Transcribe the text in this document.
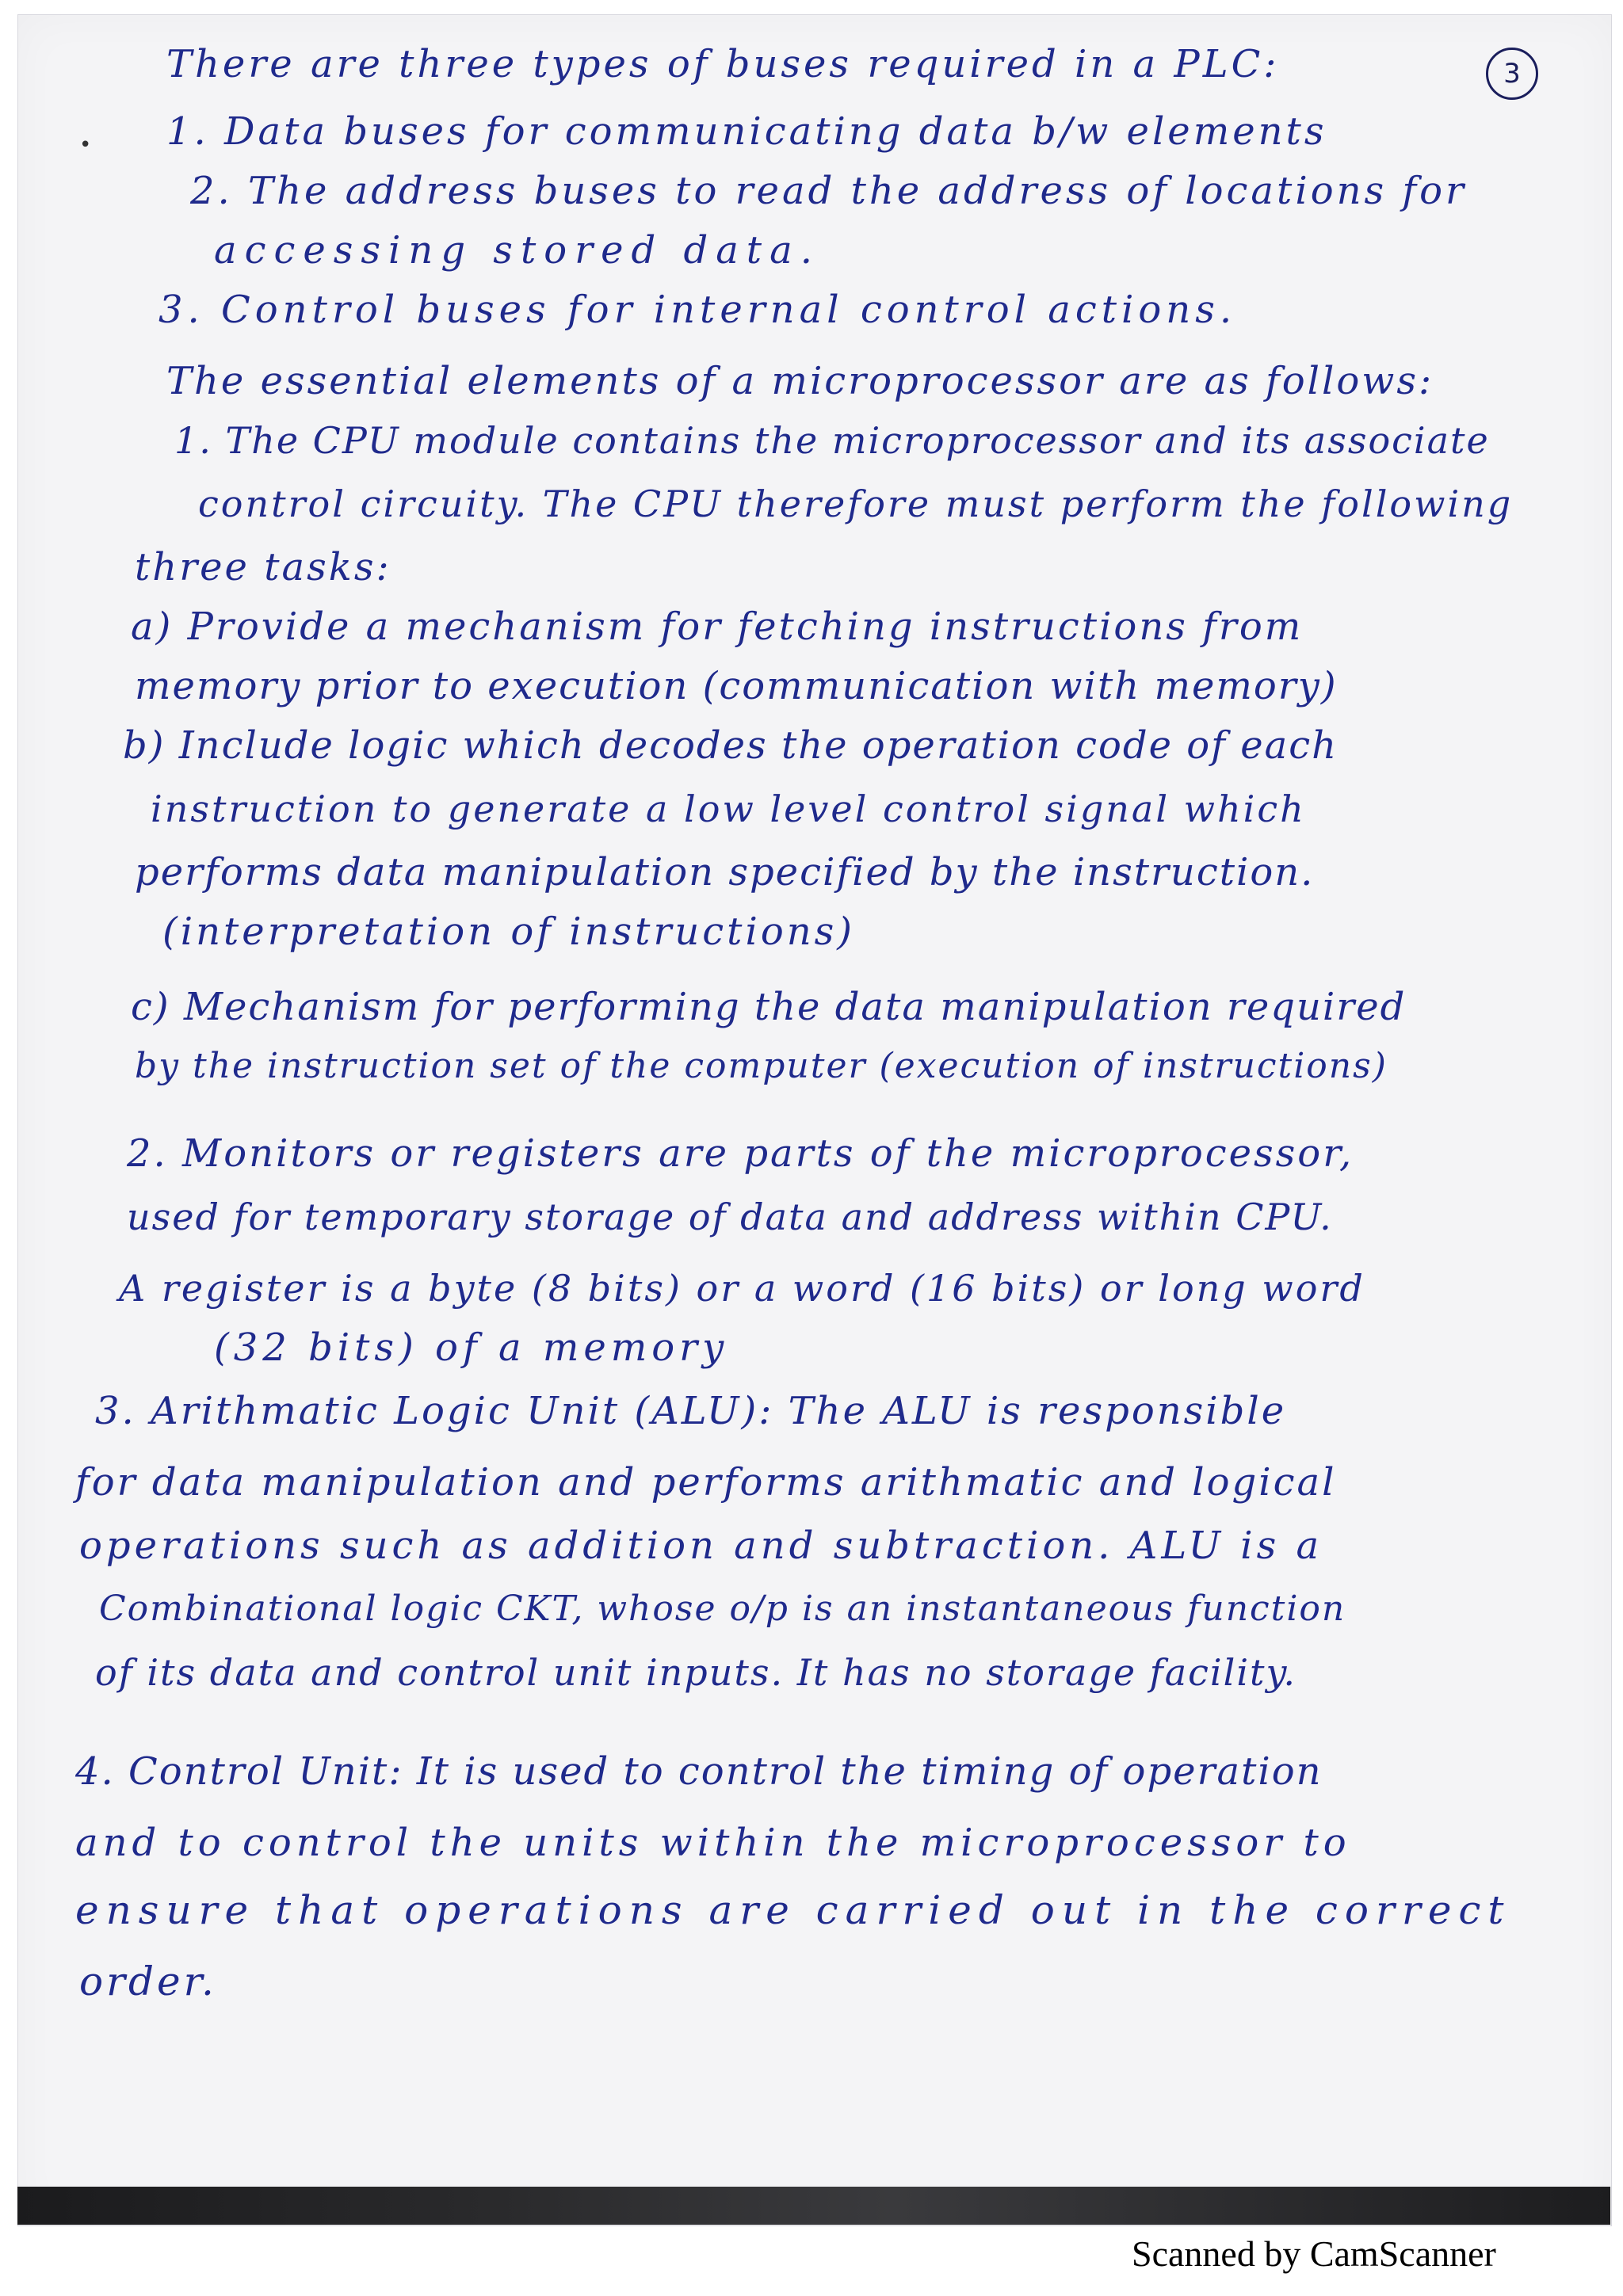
3
•
There are three types of buses required in a PLC:
1. Data buses for communicating data b/w elements
2. The address buses to read the address of locations for
accessing stored data.
3. Control buses for internal control actions.
The essential elements of a microprocessor are as follows:
1. The CPU module contains the microprocessor and its associate
control circuity. The CPU therefore must perform the following
three tasks:
a) Provide a mechanism for fetching instructions from
memory prior to execution (communication with memory)
b) Include logic which decodes the operation code of each
instruction to generate a low level control signal which
performs data manipulation specified by the instruction.
(interpretation of instructions)
c) Mechanism for performing the data manipulation required
by the instruction set of the computer (execution of instructions)
2. Monitors or registers are parts of the microprocessor,
used for temporary storage of data and address within CPU.
A register is a byte (8 bits) or a word (16 bits) or long word
(32 bits) of a memory
3. Arithmatic Logic Unit (ALU): The ALU is responsible
for data manipulation and performs arithmatic and logical
operations such as addition and subtraction. ALU is a
Combinational logic CKT, whose o/p is an instantaneous function
of its data and control unit inputs. It has no storage facility.
4. Control Unit: It is used to control the timing of operation
and to control the units within the microprocessor to
ensure that operations are carried out in the correct
order.
Scanned by CamScanner
